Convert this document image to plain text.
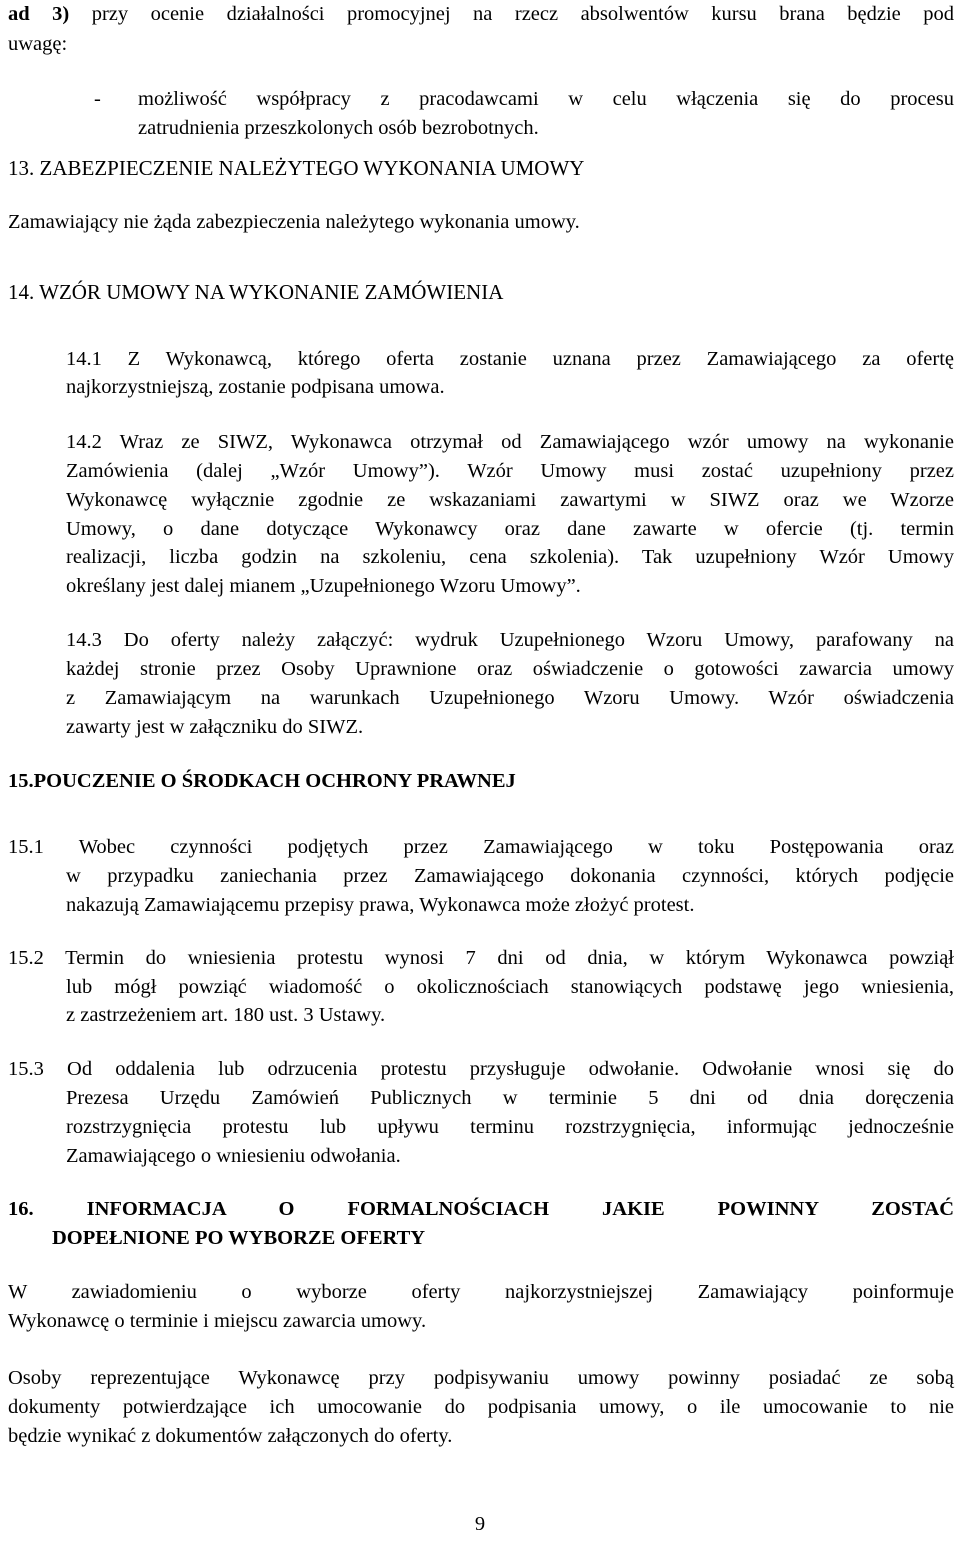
ad 3) przy ocenie działalności promocyjnej na rzecz absolwentów kursu brana będzie pod
uwagę:
-	możliwość współpracy z pracodawcami w celu włączenia się do procesu
zatrudnienia przeszkolonych osób bezrobotnych.
13. ZABEZPIECZENIE NALEŻYTEGO WYKONANIA UMOWY
Zamawiający nie żąda zabezpieczenia należytego wykonania umowy.
14. WZÓR UMOWY NA WYKONANIE ZAMÓWIENIA
14.1 Z Wykonawcą, którego oferta zostanie uznana przez Zamawiającego za ofertę
najkorzystniejszą, zostanie podpisana umowa.
14.2 Wraz ze SIWZ, Wykonawca otrzymał od Zamawiającego wzór umowy na wykonanie
Zamówienia (dalej „Wzór Umowy”). Wzór Umowy musi zostać uzupełniony przez
Wykonawcę wyłącznie zgodnie ze wskazaniami zawartymi w SIWZ oraz we Wzorze
Umowy, o dane dotyczące Wykonawcy oraz dane zawarte w ofercie (tj. termin
realizacji, liczba godzin na szkoleniu, cena szkolenia). Tak uzupełniony Wzór Umowy
określany jest dalej mianem „Uzupełnionego Wzoru Umowy”.
14.3 Do oferty należy załączyć: wydruk Uzupełnionego Wzoru Umowy, parafowany na
każdej stronie przez Osoby Uprawnione oraz oświadczenie o gotowości zawarcia umowy
z Zamawiającym na warunkach Uzupełnionego Wzoru Umowy. Wzór oświadczenia
zawarty jest w załączniku do SIWZ.
15.POUCZENIE O ŚRODKACH OCHRONY PRAWNEJ
15.1 Wobec czynności podjętych przez Zamawiającego w toku Postępowania oraz
w przypadku zaniechania przez Zamawiającego dokonania czynności, których podjęcie
nakazują Zamawiającemu przepisy prawa, Wykonawca może złożyć protest.
15.2 Termin do wniesienia protestu wynosi 7 dni od dnia, w którym Wykonawca powziął
lub mógł powziąć wiadomość o okolicznościach stanowiących podstawę jego wniesienia,
z zastrzeżeniem art. 180 ust. 3 Ustawy.
15.3 Od oddalenia lub odrzucenia protestu przysługuje odwołanie. Odwołanie wnosi się do
Prezesa Urzędu Zamówień Publicznych w terminie 5 dni od dnia doręczenia
rozstrzygnięcia protestu lub upływu terminu rozstrzygnięcia, informując jednocześnie
Zamawiającego o wniesieniu odwołania.
16. INFORMACJA O FORMALNOŚCIACH JAKIE POWINNY ZOSTAĆ
DOPEŁNIONE PO WYBORZE OFERTY
W zawiadomieniu o wyborze oferty najkorzystniejszej Zamawiający poinformuje
Wykonawcę o terminie i miejscu zawarcia umowy.
Osoby reprezentujące Wykonawcę przy podpisywaniu umowy powinny posiadać ze sobą
dokumenty potwierdzające ich umocowanie do podpisania umowy, o ile umocowanie to nie
będzie wynikać z dokumentów załączonych do oferty.
9
